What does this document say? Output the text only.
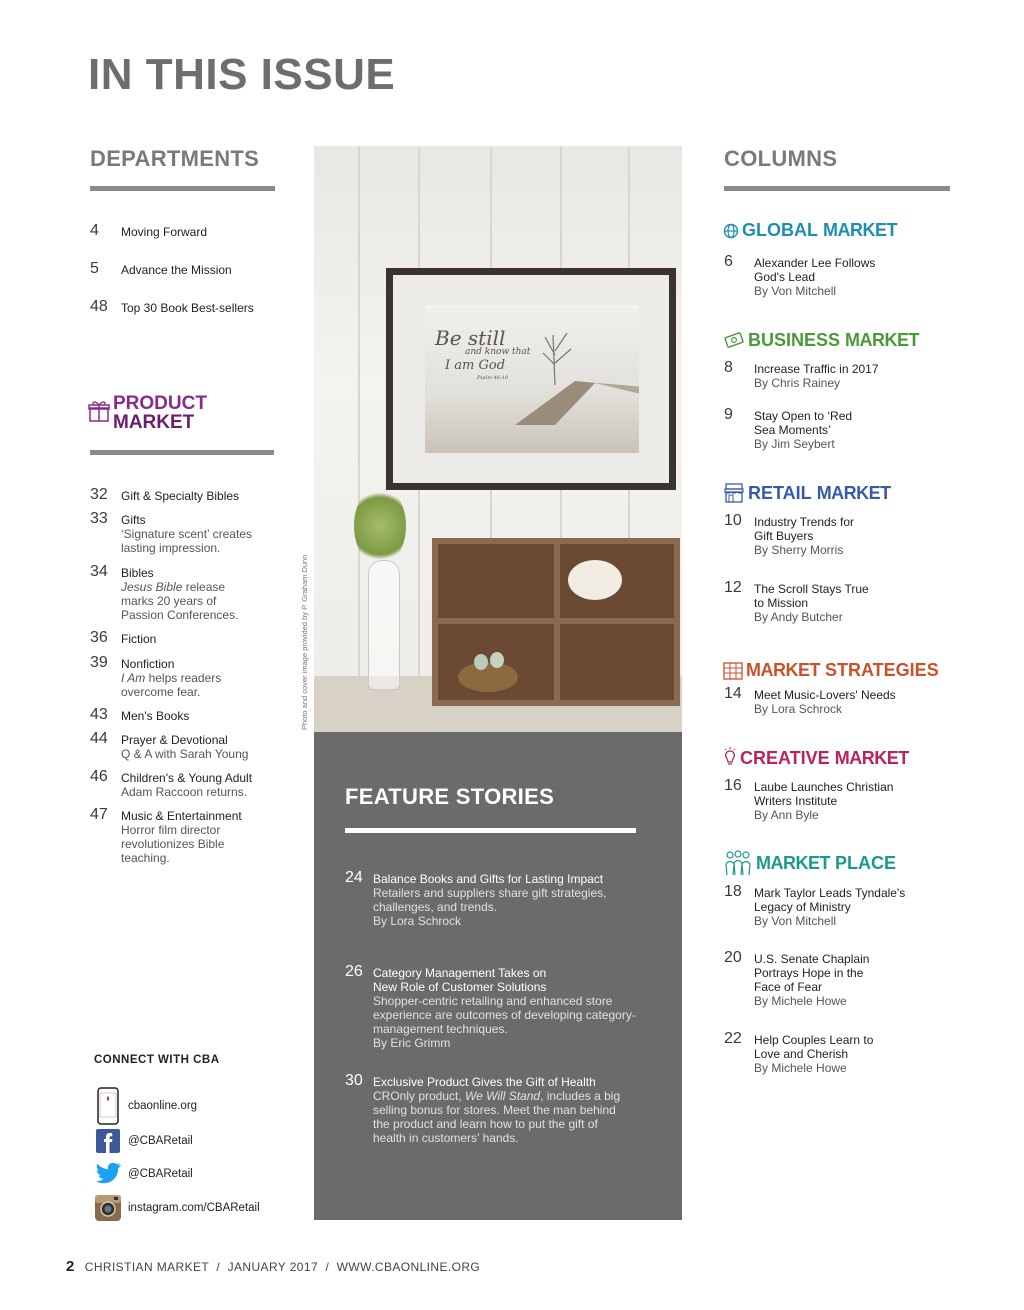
IN THIS ISSUE
DEPARTMENTS
4	Moving Forward
5	Advance the Mission
48	Top 30 Book Best-sellers
PRODUCT
MARKET
32	Gift & Specialty Bibles
33	Gifts
‘Signature scent’ creates lasting impression.
34	Bibles
Jesus Bible release marks 20 years of Passion Conferences.
36	Fiction
39	Nonfiction
I Am helps readers overcome fear.
43	Men's Books
44	Prayer & Devotional
Q & A with Sarah Young
46	Children's & Young Adult
Adam Raccoon returns.
47	Music & Entertainment
Horror film director revolutionizes Bible teaching.
Be still
and know that
I am God
Psalm 46:10
Photo and cover image provided by P. Graham Dunn
FEATURE STORIES
24 Balance Books and Gifts for Lasting Impact
Retailers and suppliers share gift strategies, challenges, and trends.
By Lora Schrock
26 Category Management Takes on New Role of Customer Solutions
Shopper-centric retailing and enhanced store experience are outcomes of developing category-management techniques.
By Eric Grimm
30 Exclusive Product Gives the Gift of Health
CROnly product, We Will Stand, includes a big selling bonus for stores. Meet the man behind the product and learn how to put the gift of health in customers’ hands.
COLUMNS
GLOBAL
MARKET
6	Alexander Lee Follows God's Lead
By Von Mitchell
BUSINESS
MARKET
8	Increase Traffic in 2017
By Chris Rainey
9	Stay Open to ‘Red Sea Moments’
By Jim Seybert
RETAIL
MARKET
10	Industry Trends for Gift Buyers
By Sherry Morris
12	The Scroll Stays True to Mission
By Andy Butcher
MARKET
STRATEGIES
14	Meet Music-Lovers' Needs
By Lora Schrock
CREATIVE
MARKET
16	Laube Launches Christian Writers Institute
By Ann Byle
MARKET
PLACE
18	Mark Taylor Leads Tyndale's Legacy of Ministry
By Von Mitchell
20	U.S. Senate Chaplain Portrays Hope in the Face of Fear
By Michele Howe
22	Help Couples Learn to Love and Cherish
By Michele Howe
CONNECT WITH CBA
cbaonline.org
@CBARetail
@CBARetail
instagram.com/CBARetail
2 CHRISTIAN MARKET  /  JANUARY 2017  /  WWW.CBAONLINE.ORG
